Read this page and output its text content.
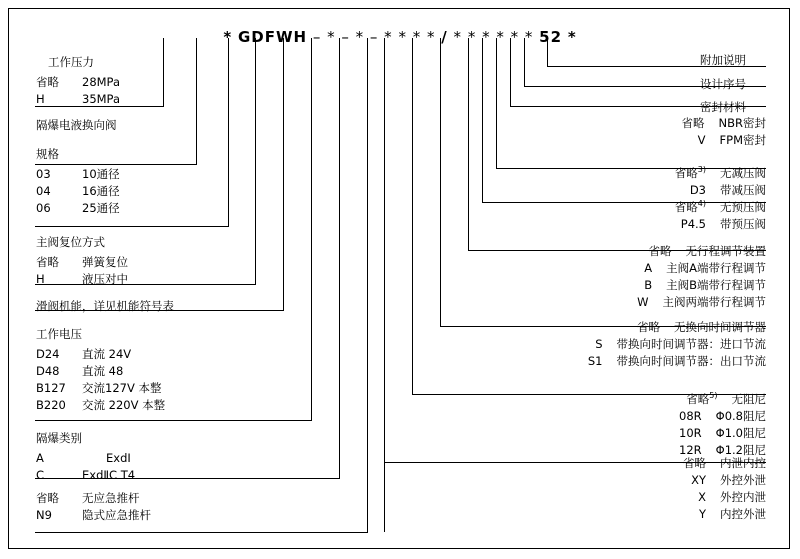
* GDFWH – * – * – * * * * / * * * * * * 52 *
工作压力
省略 28MPa
H	35MPa
隔爆电液换向阀
规格
03	10通径
04	16通径
06	25通径
主阀复位方式
省略 弹簧复位
H	液压对中
滑阀机能，详见机能符号表
工作电压
D24 直流 24V
D48 直流 48
B127 交流127V 本整
B220 交流 220V 本整
隔爆类别
A	ExdⅠ
C	ExdⅡC T4
省略 无应急推杆
N9	隐式应急推杆
附加说明
设计序号
密封材料
省略 NBR密封
V FPM密封
省略$^{3)}$ 无减压阀
D3 带减压阀
省略$^{4)}$ 无预压阀
P4.5 带预压阀
省略 无行程调节装置
A 主阀A端带行程调节
B 主阀B端带行程调节
W 主阀两端带行程调节
省略 无换向时间调节器
S 带换向时间调节器：进口节流
S1 带换向时间调节器：出口节流
省略$^{5)}$ 无阻尼
08R Φ0.8阻尼
10R Φ1.0阻尼
12R Φ1.2阻尼
省略 内泄内控
XY 外控外泄
X 外控内泄
Y 内控外泄
